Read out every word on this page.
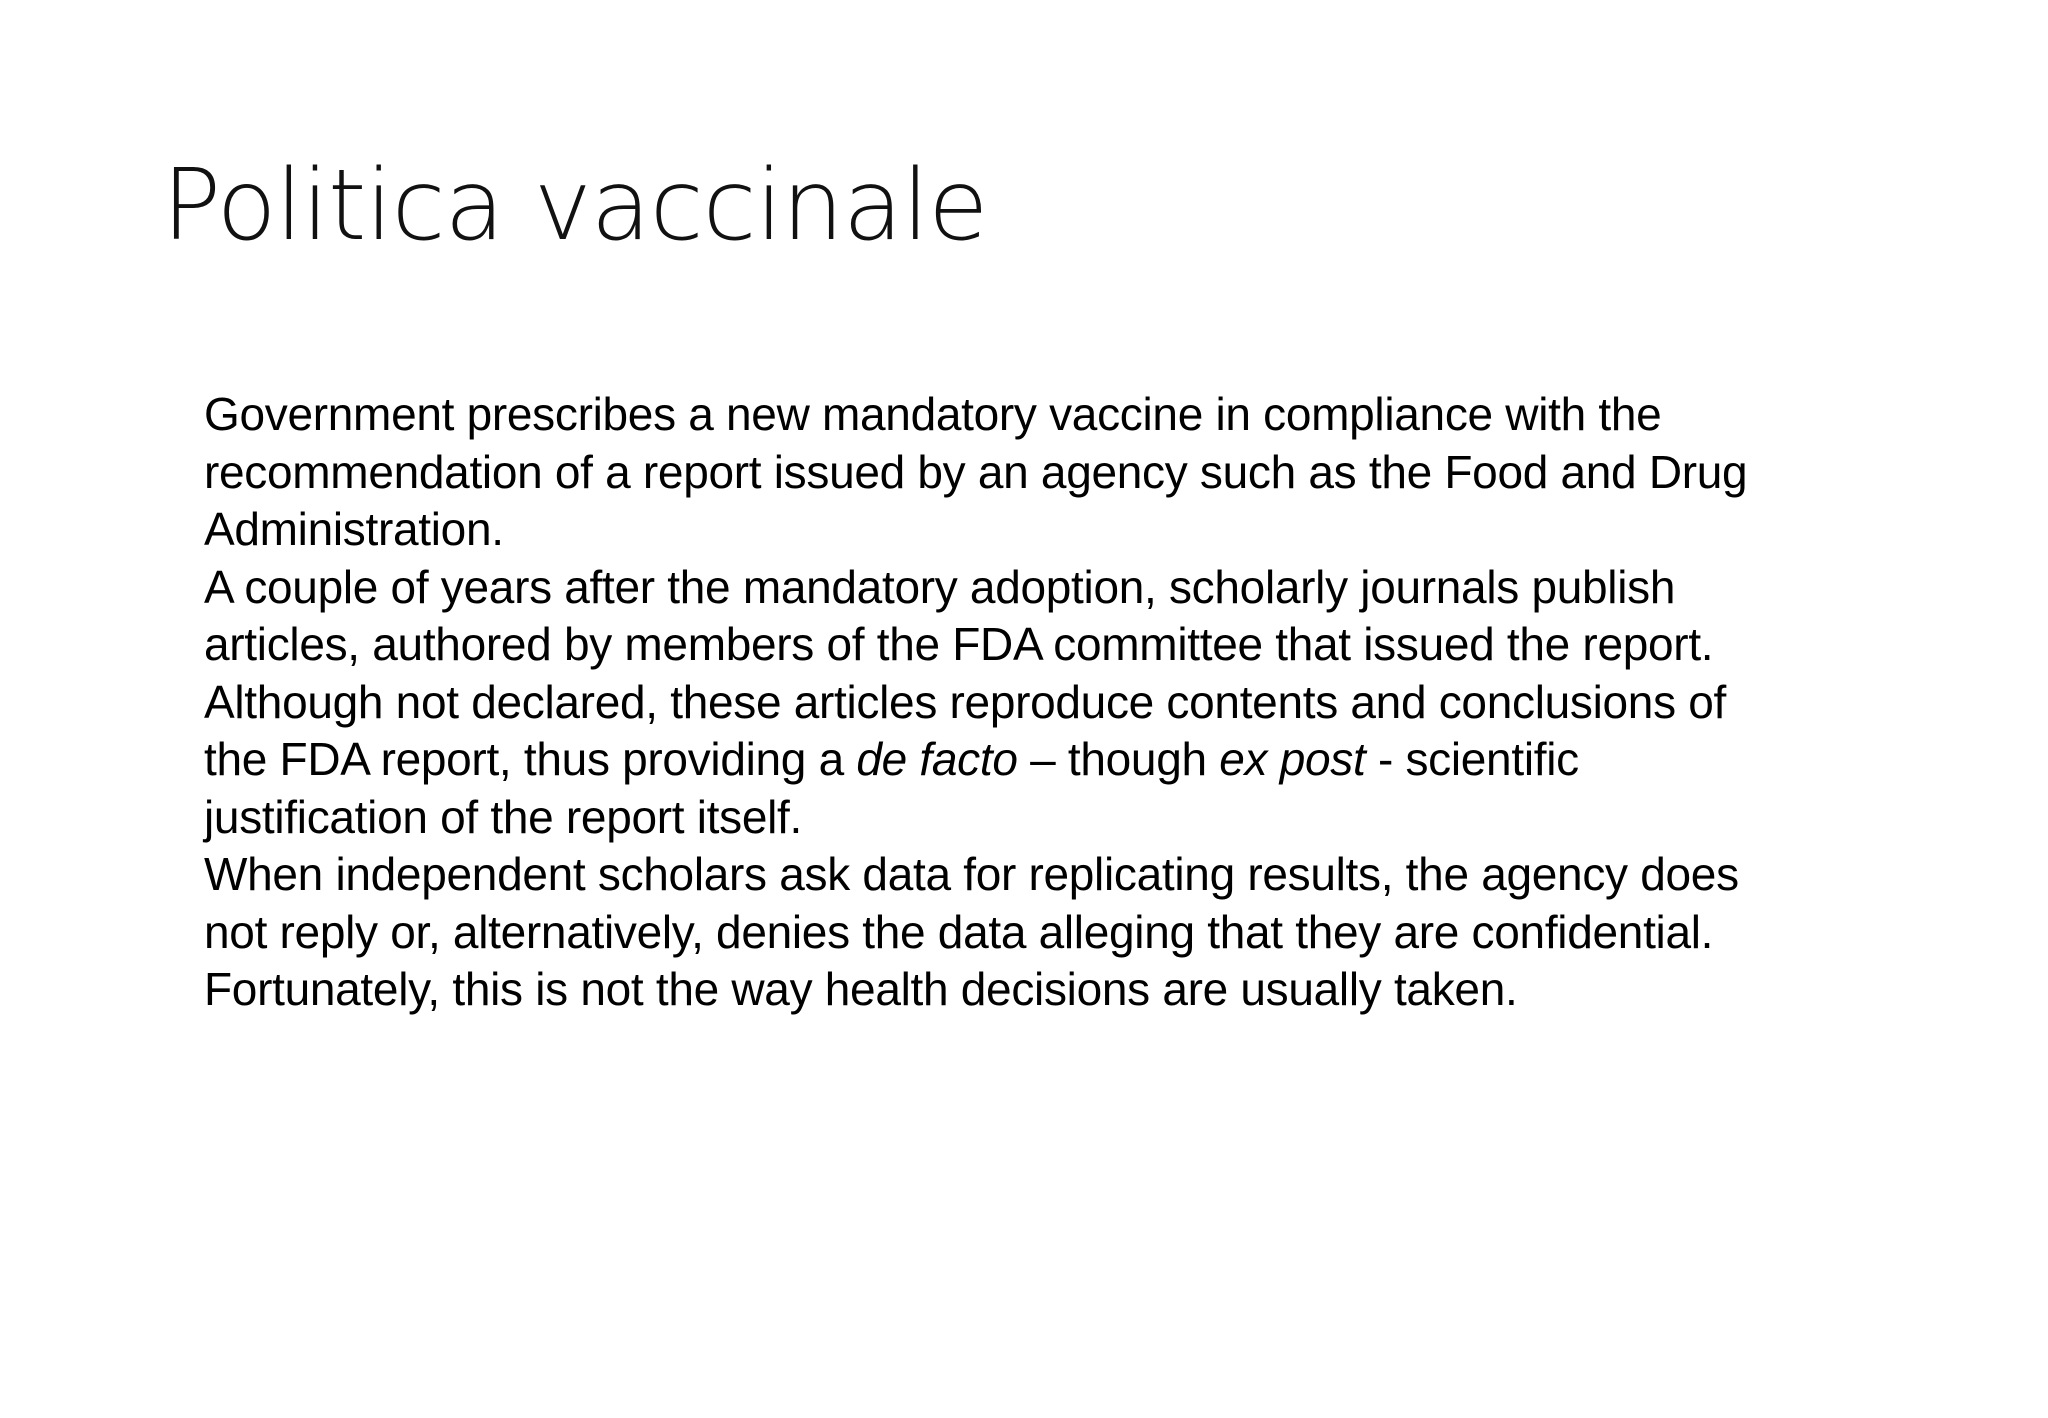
Politica vaccinale
Government prescribes a new mandatory vaccine in compliance with the
recommendation of a report issued by an agency such as the Food and Drug
Administration.
A couple of years after the mandatory adoption, scholarly journals publish
articles, authored by members of the FDA committee that issued the report.
Although not declared, these articles reproduce contents and conclusions of
the FDA report, thus providing a de facto – though ex post - scientific
justification of the report itself.
When independent scholars ask data for replicating results, the agency does
not reply or, alternatively, denies the data alleging that they are confidential.
Fortunately, this is not the way health decisions are usually taken.
